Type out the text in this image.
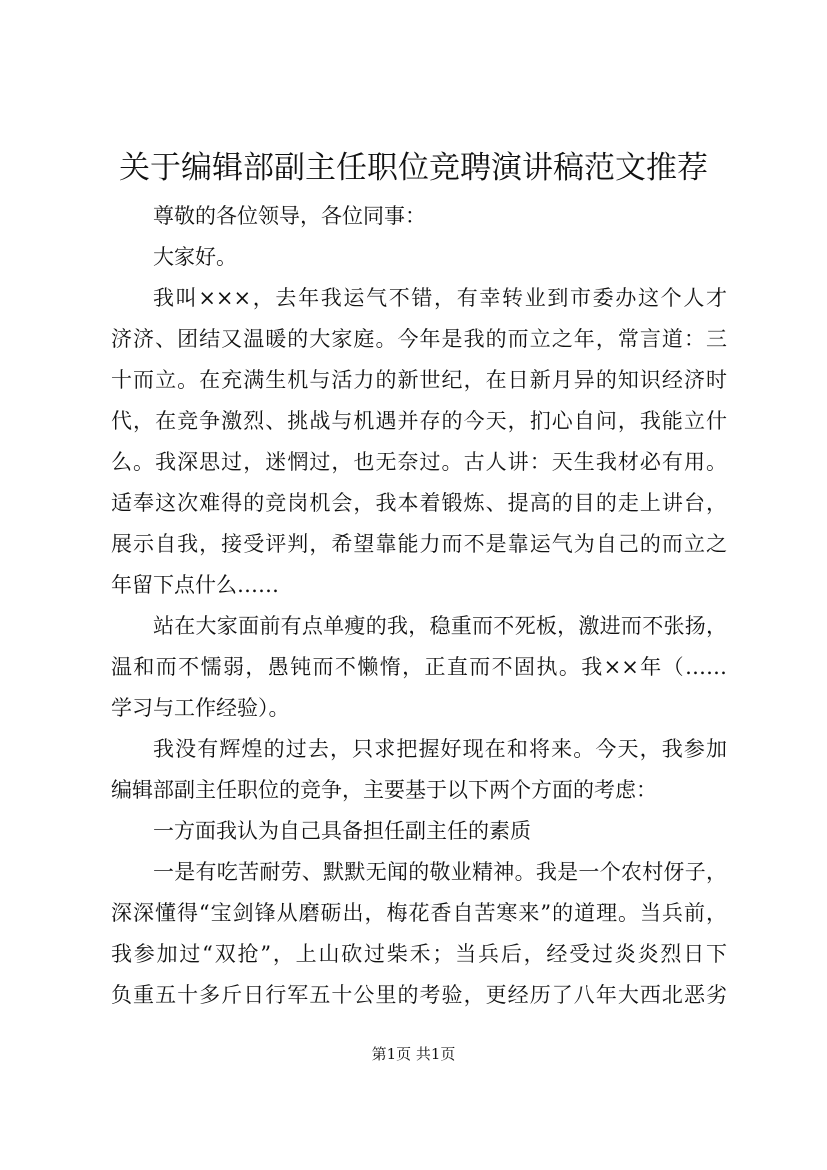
关于编辑部副主任职位竞聘演讲稿范文推荐
尊敬的各位领导，各位同事：
大家好。
我叫×××，去年我运气不错，有幸转业到市委办这个人才
济济、团结又温暖的大家庭。今年是我的而立之年，常言道：三
十而立。在充满生机与活力的新世纪，在日新月异的知识经济时
代，在竞争激烈、挑战与机遇并存的今天，扪心自问，我能立什
么。我深思过，迷惘过，也无奈过。古人讲：天生我材必有用。
适奉这次难得的竞岗机会，我本着锻炼、提高的目的走上讲台，
展示自我，接受评判，希望靠能力而不是靠运气为自己的而立之
年留下点什么……
站在大家面前有点单瘦的我，稳重而不死板，激进而不张扬，
温和而不懦弱，愚钝而不懒惰，正直而不固执。我××年（……
学习与工作经验）。
我没有辉煌的过去，只求把握好现在和将来。今天，我参加
编辑部副主任职位的竞争，主要基于以下两个方面的考虑：
一方面我认为自己具备担任副主任的素质
一是有吃苦耐劳、默默无闻的敬业精神。我是一个农村伢子，
深深懂得“宝剑锋从磨砺出，梅花香自苦寒来”的道理。当兵前，
我参加过“双抢”，上山砍过柴禾；当兵后，经受过炎炎烈日下
负重五十多斤日行军五十公里的考验，更经历了八年大西北恶劣
第1页 共1页
